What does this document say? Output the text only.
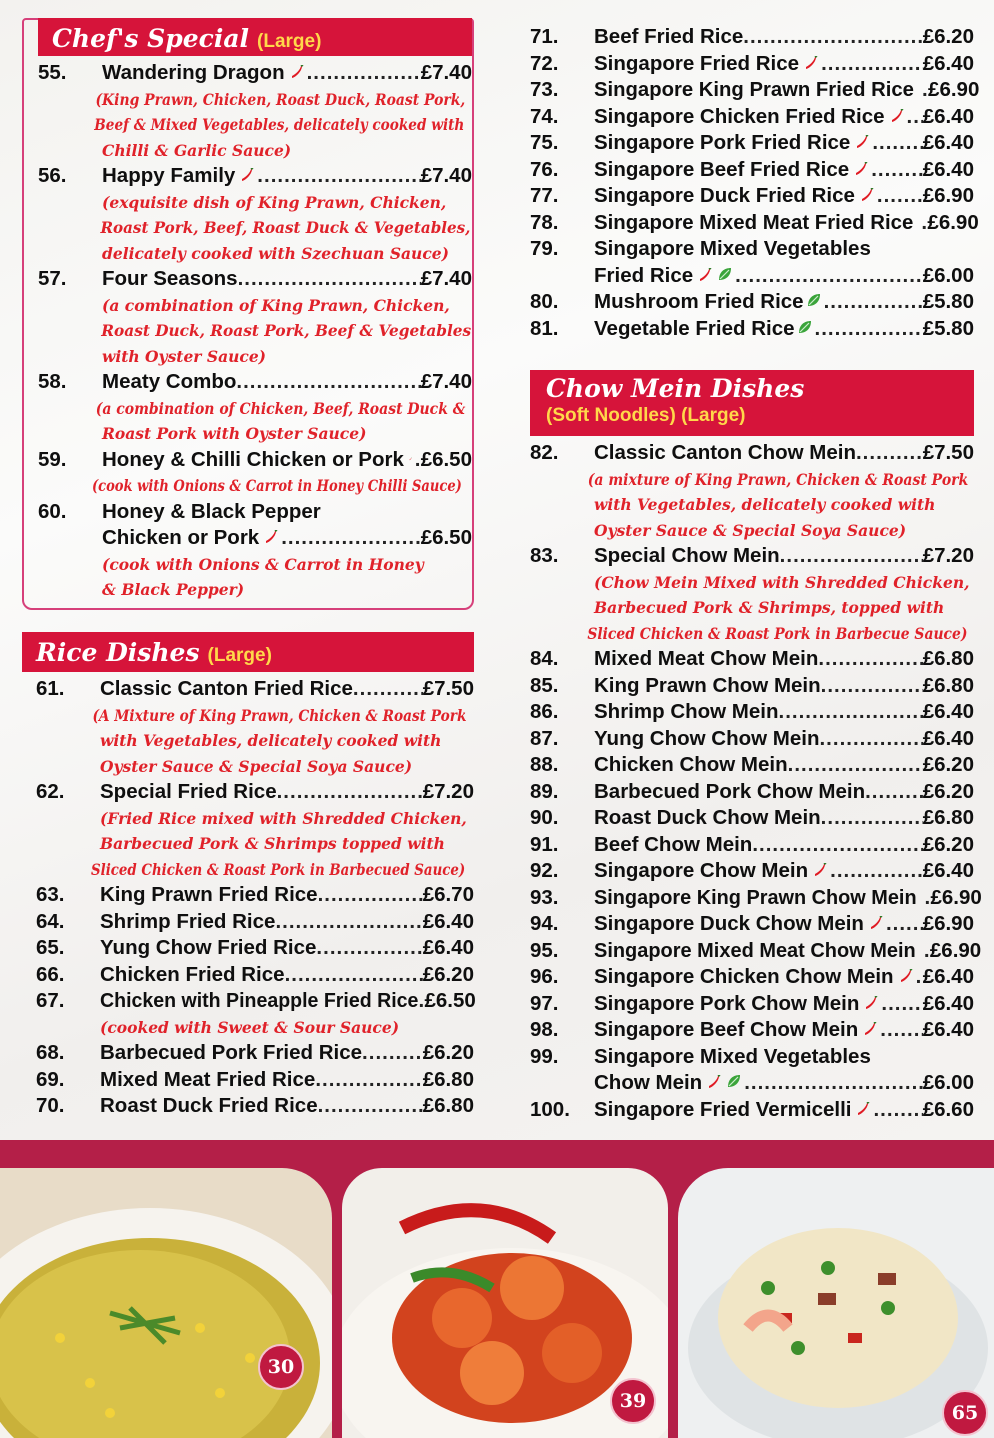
Chef's Special (Large)
55.	Wandering Dragon .....	£7.40
(King Prawn, Chicken, Roast Duck, Roast Pork,
Beef & Mixed Vegetables, delicately cooked with
Chilli & Garlic Sauce)
56.	Happy Family .....	£7.40
(exquisite dish of King Prawn, Chicken,
Roast Pork, Beef, Roast Duck & Vegetables,
delicately cooked with Szechuan Sauce)
57.	Four Seasons .....	£7.40
(a combination of King Prawn, Chicken,
Roast Duck, Roast Pork, Beef & Vegetables
with Oyster Sauce)
58.	Meaty Combo .....	£7.40
(a combination of Chicken, Beef, Roast Duck &
Roast Pork with Oyster Sauce)
59.	Honey & Chilli Chicken or Pork ..... £6.50
(cook with Onions & Carrot in Honey Chilli Sauce)
60.	Honey & Black Pepper
Chicken or Pork .....	£6.50
(cook with Onions & Carrot in Honey
& Black Pepper)
Rice Dishes (Large)
61.	Classic Canton Fried Rice .....	£7.50
(A Mixture of King Prawn, Chicken & Roast Pork
with Vegetables, delicately cooked with
Oyster Sauce & Special Soya Sauce)
62.	Special Fried Rice .....	£7.20
(Fried Rice mixed with Shredded Chicken,
Barbecued Pork & Shrimps topped with
Sliced Chicken & Roast Pork in Barbecued Sauce)
63.	King Prawn Fried Rice .....	£6.70
64.	Shrimp Fried Rice .....	£6.40
65.	Yung Chow Fried Rice .....	£6.40
66.	Chicken Fried Rice .....	£6.20
67.	Chicken with Pineapple Fried Rice ..... £6.50
(cooked with Sweet & Sour Sauce)
68.	Barbecued Pork Fried Rice .....	£6.20
69.	Mixed Meat Fried Rice .....	£6.80
70.	Roast Duck Fried Rice .....	£6.80
71.	Beef Fried Rice .....	£6.20
72.	Singapore Fried Rice .....	£6.40
73.	Singapore King Prawn Fried Rice ..... £6.90
74.	Singapore Chicken Fried Rice ..... £6.40
75.	Singapore Pork Fried Rice .....	£6.40
76.	Singapore Beef Fried Rice .....	£6.40
77.	Singapore Duck Fried Rice .....	£6.90
78.	Singapore Mixed Meat Fried Rice ..... £6.90
79.	Singapore Mixed Vegetables
Fried Rice .....	£6.00
80.	Mushroom Fried Rice .....	£5.80
81.	Vegetable Fried Rice .....	£5.80
Chow Mein Dishes
(Soft Noodles) (Large)
82.	Classic Canton Chow Mein .....	£7.50
(a mixture of King Prawn, Chicken & Roast Pork
with Vegetables, delicately cooked with
Oyster Sauce & Special Soya Sauce)
83.	Special Chow Mein .....	£7.20
(Chow Mein Mixed with Shredded Chicken,
Barbecued Pork & Shrimps, topped with
Sliced Chicken & Roast Pork in Barbecue Sauce)
84.	Mixed Meat Chow Mein .....	£6.80
85.	King Prawn Chow Mein .....	£6.80
86.	Shrimp Chow Mein .....	£6.40
87.	Yung Chow Chow Mein .....	£6.40
88.	Chicken Chow Mein .....	£6.20
89.	Barbecued Pork Chow Mein .....	£6.20
90.	Roast Duck Chow Mein .....	£6.80
91.	Beef Chow Mein .....	£6.20
92.	Singapore Chow Mein .....	£6.40
93.	Singapore King Prawn Chow Mein ..... £6.90
94.	Singapore Duck Chow Mein .....	£6.90
95.	Singapore Mixed Meat Chow Mein ..... £6.90
96.	Singapore Chicken Chow Mein ..... £6.40
97.	Singapore Pork Chow Mein .....	£6.40
98.	Singapore Beef Chow Mein .....	£6.40
99.	Singapore Mixed Vegetables
Chow Mein .....	£6.00
100.	Singapore Fried Vermicelli .....	£6.60
30
39
65
